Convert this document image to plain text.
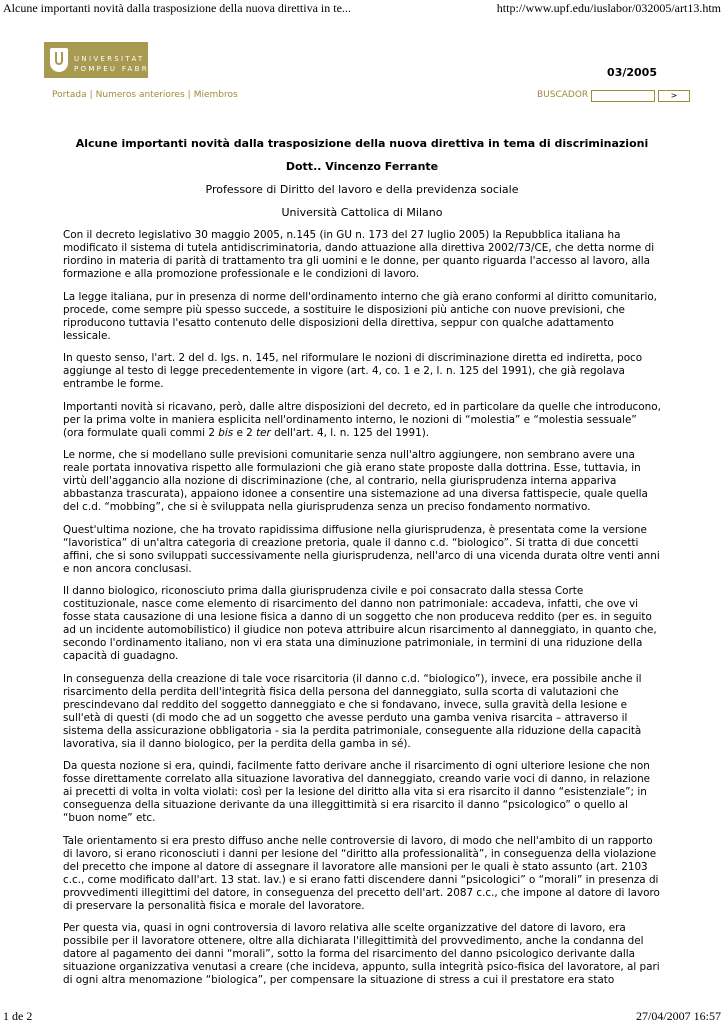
Alcune importanti novità dalla trasposizione della nuova direttiva in te...	http://www.upf.edu/iuslabor/032005/art13.htm
UNIVERSITAT
POMPEU FABRA	03/2005
Portada | Numeros anteriores | Miembros	BUSCADOR	>
Alcune importanti novità dalla trasposizione della nuova direttiva in tema di discriminazioni
Dott.. Vincenzo Ferrante
Professore di Diritto del lavoro e della previdenza sociale
Università Cattolica di Milano

Con il decreto legislativo 30 maggio 2005, n.145 (in GU n. 173 del 27 luglio 2005) la Repubblica italiana ha modificato il sistema di tutela antidiscriminatoria, dando attuazione alla direttiva 2002/73/CE, che detta norme di riordino in materia di parità di trattamento tra gli uomini e le donne, per quanto riguarda l'accesso al lavoro, alla formazione e alla promozione professionale e le condizioni di lavoro.

La legge italiana, pur in presenza di norme dell'ordinamento interno che già erano conformi al diritto comunitario, procede, come sempre più spesso succede, a sostituire le disposizioni più antiche con nuove previsioni, che riproducono tuttavia l'esatto contenuto delle disposizioni della direttiva, seppur con qualche adattamento lessicale.

In questo senso, l'art. 2 del d. lgs. n. 145, nel riformulare le nozioni di discriminazione diretta ed indiretta, poco aggiunge al testo di legge precedentemente in vigore (art. 4, co. 1 e 2, l. n. 125 del 1991), che già regolava entrambe le forme.

Importanti novità si ricavano, però, dalle altre disposizioni del decreto, ed in particolare da quelle che introducono, per la prima volte in maniera esplicita nell'ordinamento interno, le nozioni di “molestia” e “molestia sessuale” (ora formulate quali commi 2 bis e 2 ter dell'art. 4, l. n. 125 del 1991).

Le norme, che si modellano sulle previsioni comunitarie senza null'altro aggiungere, non sembrano avere una reale portata innovativa rispetto alle formulazioni che già erano state proposte dalla dottrina. Esse, tuttavia, in virtù dell'aggancio alla nozione di discriminazione (che, al contrario, nella giurisprudenza interna appariva abbastanza trascurata), appaiono idonee a consentire una sistemazione ad una diversa fattispecie, quale quella del c.d. “mobbing”, che si è sviluppata nella giurisprudenza senza un preciso fondamento normativo.

Quest'ultima nozione, che ha trovato rapidissima diffusione nella giurisprudenza, è presentata come la versione “lavoristica” di un'altra categoria di creazione pretoria, quale il danno c.d. “biologico”. Si tratta di due concetti affini, che si sono sviluppati successivamente nella giurisprudenza, nell'arco di una vicenda durata oltre venti anni e non ancora conclusasi.

Il danno biologico, riconosciuto prima dalla giurisprudenza civile e poi consacrato dalla stessa Corte costituzionale, nasce come elemento di risarcimento del danno non patrimoniale: accadeva, infatti, che ove vi fosse stata causazione di una lesione fisica a danno di un soggetto che non produceva reddito (per es. in seguito ad un incidente automobilistico) il giudice non poteva attribuire alcun risarcimento al danneggiato, in quanto che, secondo l'ordinamento italiano, non vi era stata una diminuzione patrimoniale, in termini di una riduzione della capacità di guadagno.

In conseguenza della creazione di tale voce risarcitoria (il danno c.d. “biologico”), invece, era possibile anche il risarcimento della perdita dell'integrità fisica della persona del danneggiato, sulla scorta di valutazioni che prescindevano dal reddito del soggetto danneggiato e che si fondavano, invece, sulla gravità della lesione e sull'età di questi (di modo che ad un soggetto che avesse perduto una gamba veniva risarcita – attraverso il sistema della assicurazione obbligatoria - sia la perdita patrimoniale, conseguente alla riduzione della capacità lavorativa, sia il danno biologico, per la perdita della gamba in sé).

Da questa nozione si era, quindi, facilmente fatto derivare anche il risarcimento di ogni ulteriore lesione che non fosse direttamente correlato alla situazione lavorativa del danneggiato, creando varie voci di danno, in relazione ai precetti di volta in volta violati: così per la lesione del diritto alla vita si era risarcito il danno “esistenziale”; in conseguenza della situazione derivante da una illeggittimità si era risarcito il danno “psicologico” o quello al “buon nome” etc.

Tale orientamento si era presto diffuso anche nelle controversie di lavoro, di modo che nell'ambito di un rapporto di lavoro, si erano riconosciuti i danni per lesione del “diritto alla professionalità”, in conseguenza della violazione del precetto che impone al datore di assegnare il lavoratore alle mansioni per le quali è stato assunto (art. 2103 c.c., come modificato dall'art. 13 stat. lav.) e si erano fatti discendere danni “psicologici” o “morali” in presenza di provvedimenti illegittimi del datore, in conseguenza del precetto dell'art. 2087 c.c., che impone al datore di lavoro di preservare la personalità fisica e morale del lavoratore.

Per questa via, quasi in ogni controversia di lavoro relativa alle scelte organizzative del datore di lavoro, era possibile per il lavoratore ottenere, oltre alla dichiarata l'illegittimità del provvedimento, anche la condanna del datore al pagamento dei danni “morali”, sotto la forma del risarcimento del danno psicologico derivante dalla situazione organizzativa venutasi a creare (che incideva, appunto, sulla integrità psico-fisica del lavoratore, al pari di ogni altra menomazione “biologica”, per compensare la situazione di stress a cui il prestatore era stato

1 de 2	27/04/2007 16:57
